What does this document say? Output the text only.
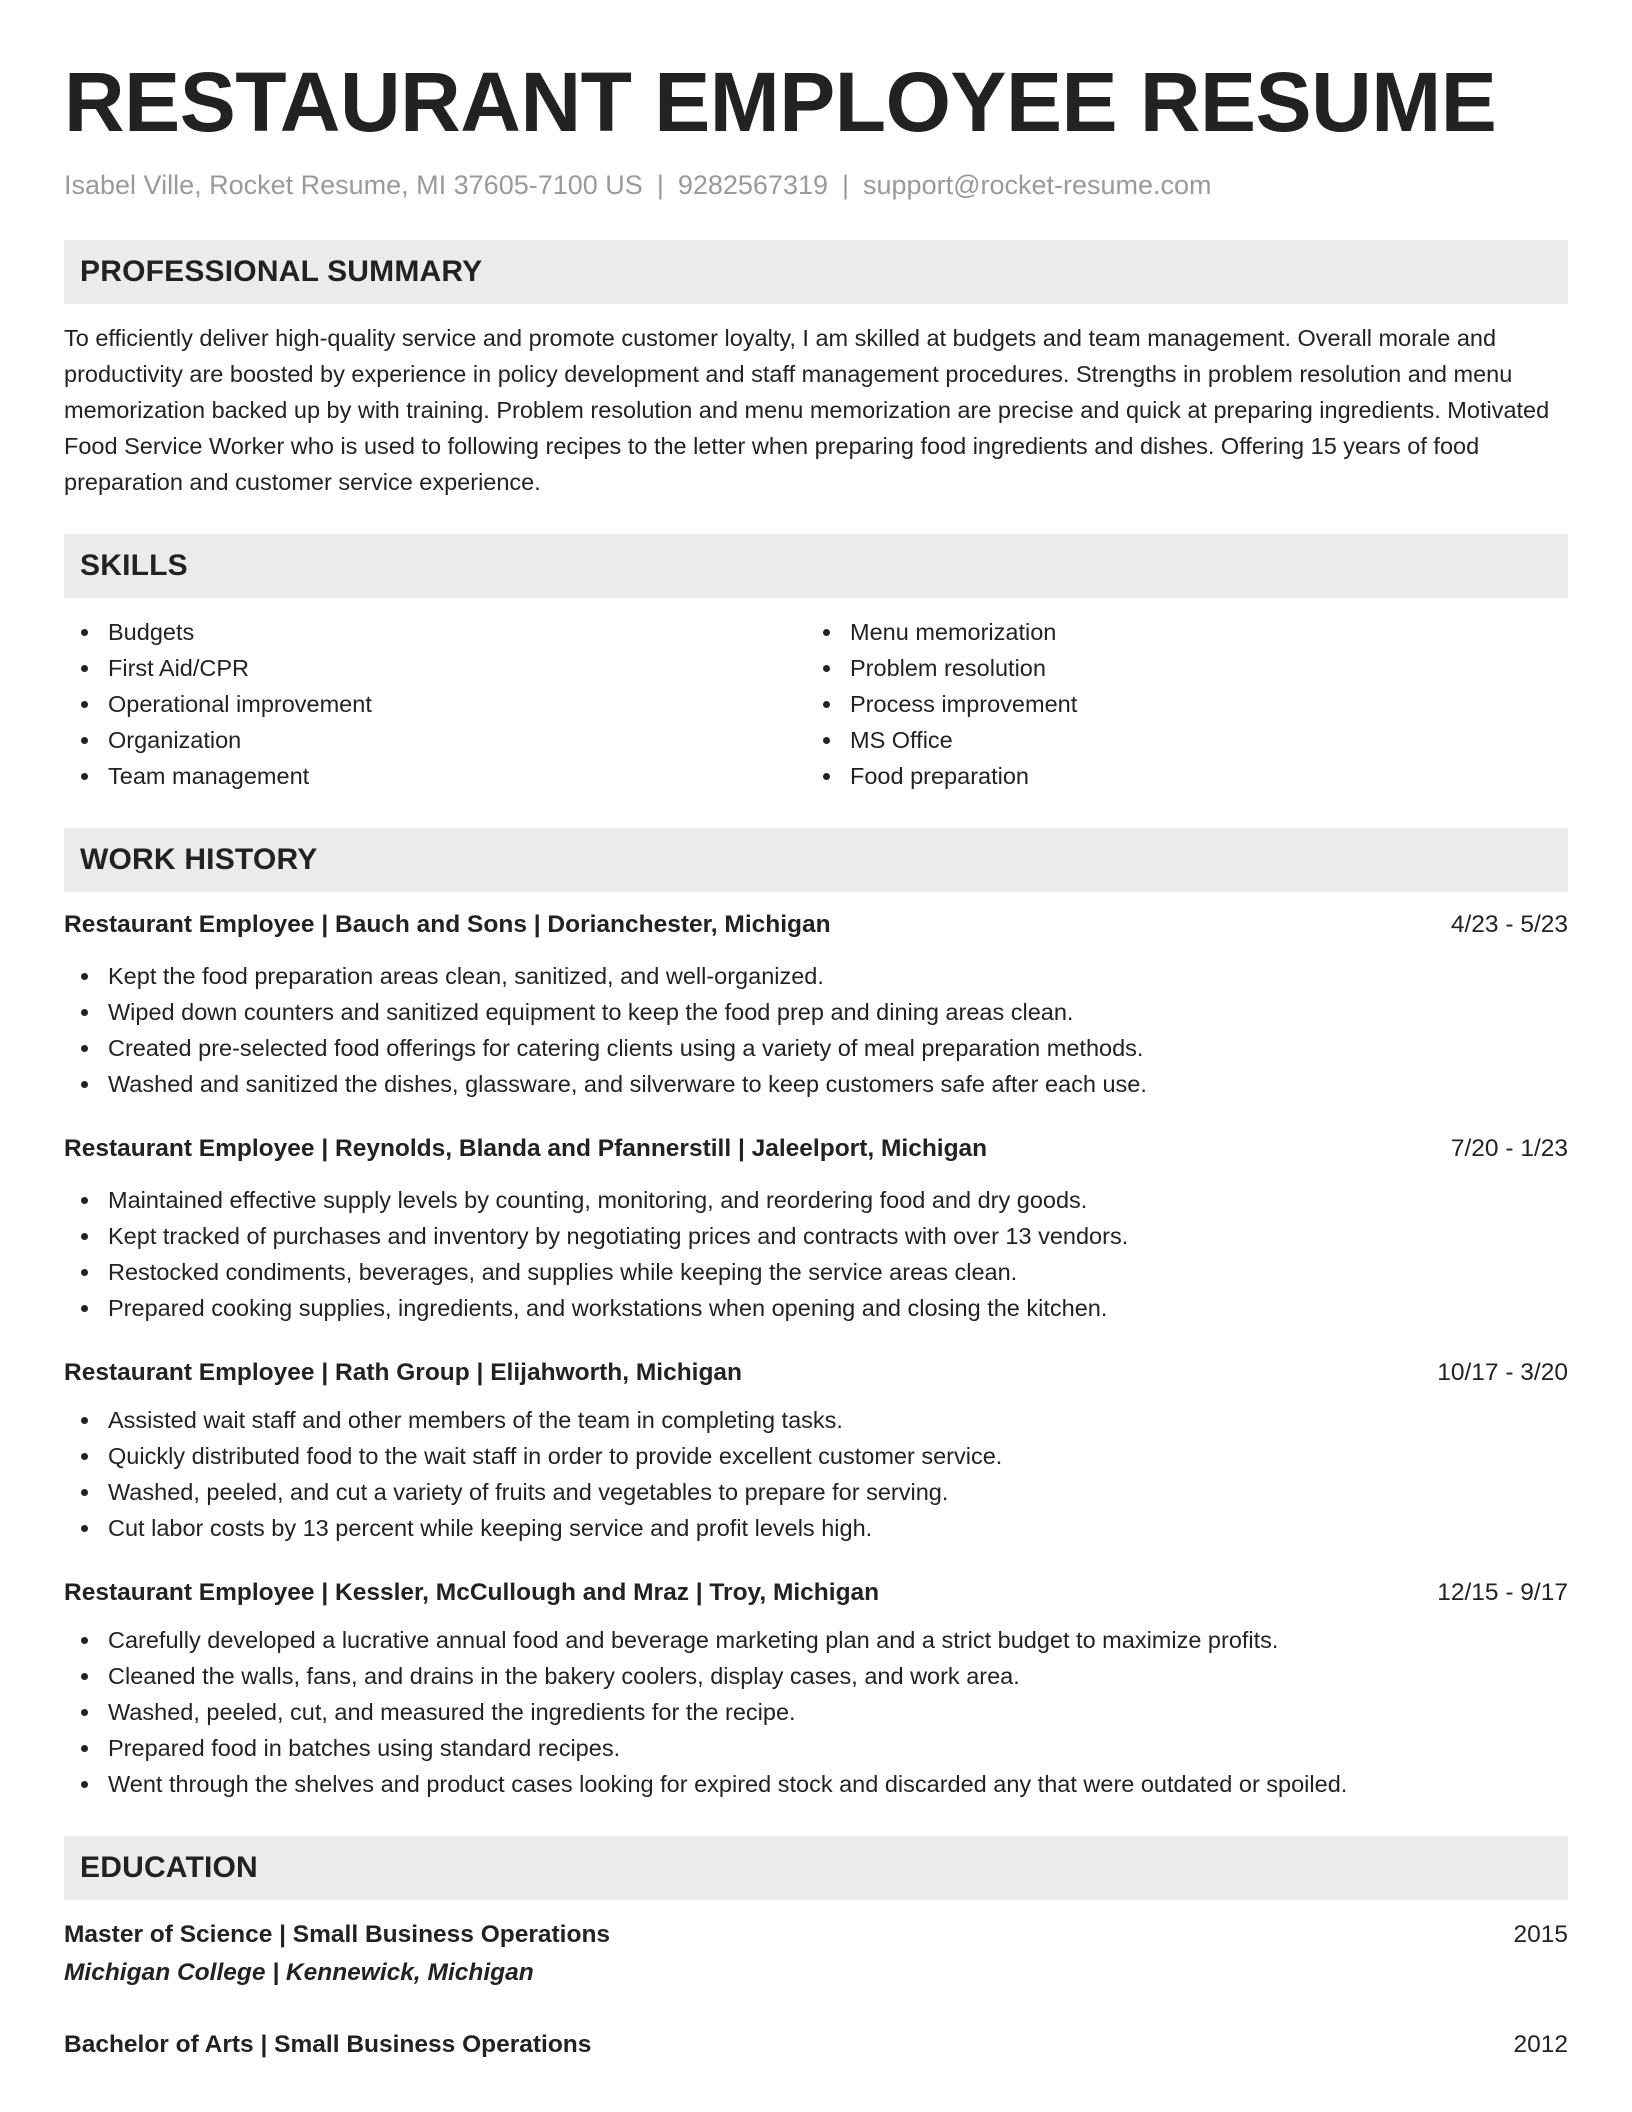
RESTAURANT EMPLOYEE RESUME
Isabel Ville, Rocket Resume, MI 37605-7100 US | 9282567319 | support@rocket-resume.com
PROFESSIONAL SUMMARY

To efficiently deliver high-quality service and promote customer loyalty, I am skilled at budgets and team management. Overall morale and productivity are boosted by experience in policy development and staff management procedures. Strengths in problem resolution and menu memorization backed up by with training. Problem resolution and menu memorization are precise and quick at preparing ingredients. Motivated Food Service Worker who is used to following recipes to the letter when preparing food ingredients and dishes. Offering 15 years of food preparation and customer service experience.

SKILLS
Budgets
First Aid/CPR
Operational improvement
Organization
Team management
Menu memorization
Problem resolution
Process improvement
MS Office
Food preparation
WORK HISTORY
Restaurant Employee | Bauch and Sons | Dorianchester, Michigan	4/23 - 5/23
Kept the food preparation areas clean, sanitized, and well-organized.
Wiped down counters and sanitized equipment to keep the food prep and dining areas clean.
Created pre-selected food offerings for catering clients using a variety of meal preparation methods.
Washed and sanitized the dishes, glassware, and silverware to keep customers safe after each use.
Restaurant Employee | Reynolds, Blanda and Pfannerstill | Jaleelport, Michigan	7/20 - 1/23
Maintained effective supply levels by counting, monitoring, and reordering food and dry goods.
Kept tracked of purchases and inventory by negotiating prices and contracts with over 13 vendors.
Restocked condiments, beverages, and supplies while keeping the service areas clean.
Prepared cooking supplies, ingredients, and workstations when opening and closing the kitchen.
Restaurant Employee | Rath Group | Elijahworth, Michigan	10/17 - 3/20
Assisted wait staff and other members of the team in completing tasks.
Quickly distributed food to the wait staff in order to provide excellent customer service.
Washed, peeled, and cut a variety of fruits and vegetables to prepare for serving.
Cut labor costs by 13 percent while keeping service and profit levels high.
Restaurant Employee | Kessler, McCullough and Mraz | Troy, Michigan	12/15 - 9/17
Carefully developed a lucrative annual food and beverage marketing plan and a strict budget to maximize profits.
Cleaned the walls, fans, and drains in the bakery coolers, display cases, and work area.
Washed, peeled, cut, and measured the ingredients for the recipe.
Prepared food in batches using standard recipes.
Went through the shelves and product cases looking for expired stock and discarded any that were outdated or spoiled.
EDUCATION
Master of Science | Small Business Operations	2015
Michigan College | Kennewick, Michigan
Bachelor of Arts | Small Business Operations	2012
